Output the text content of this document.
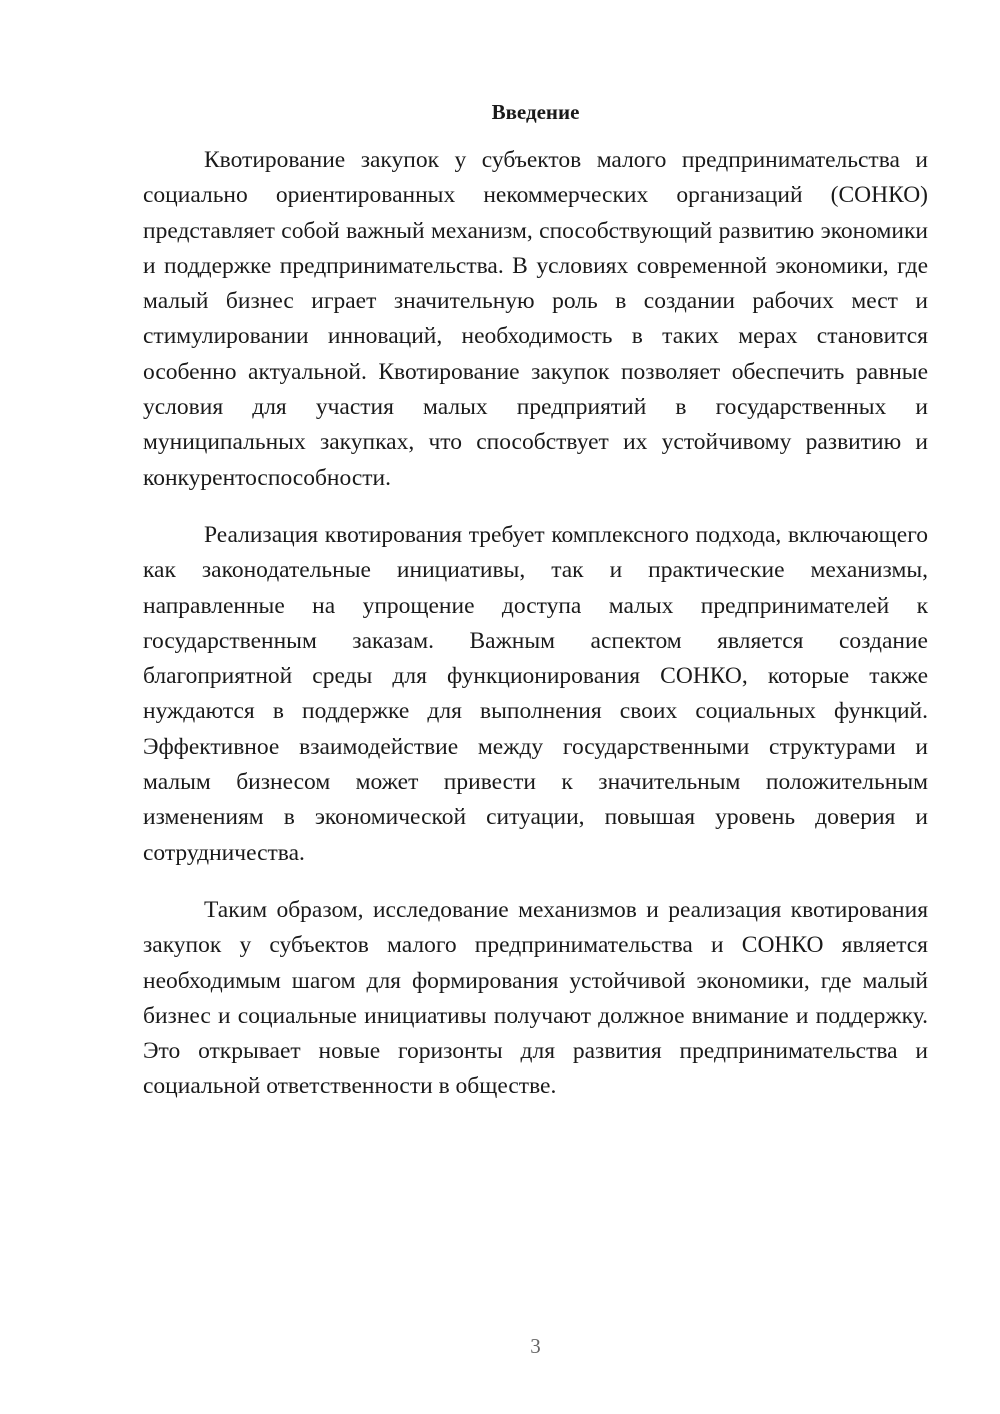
Введение

Квотирование закупок у субъектов малого предпринимательства и социально ориентированных некоммерческих организаций (СОНКО) представляет собой важный механизм, способствующий развитию экономики и поддержке предпринимательства. В условиях современной экономики, где малый бизнес играет значительную роль в создании рабочих мест и стимулировании инноваций, необходимость в таких мерах становится особенно актуальной. Квотирование закупок позволяет обеспечить равные условия для участия малых предприятий в государственных и муниципальных закупках, что способствует их устойчивому развитию и конкурентоспособности.

Реализация квотирования требует комплексного подхода, включающего как законодательные инициативы, так и практические механизмы, направленные на упрощение доступа малых предпринимателей к государственным заказам. Важным аспектом является создание благоприятной среды для функционирования СОНКО, которые также нуждаются в поддержке для выполнения своих социальных функций. Эффективное взаимодействие между государственными структурами и малым бизнесом может привести к значительным положительным изменениям в экономической ситуации, повышая уровень доверия и сотрудничества.

Таким образом, исследование механизмов и реализация квотирования закупок у субъектов малого предпринимательства и СОНКО является необходимым шагом для формирования устойчивой экономики, где малый бизнес и социальные инициативы получают должное внимание и поддержку. Это открывает новые горизонты для развития предпринимательства и социальной ответственности в обществе.

3
